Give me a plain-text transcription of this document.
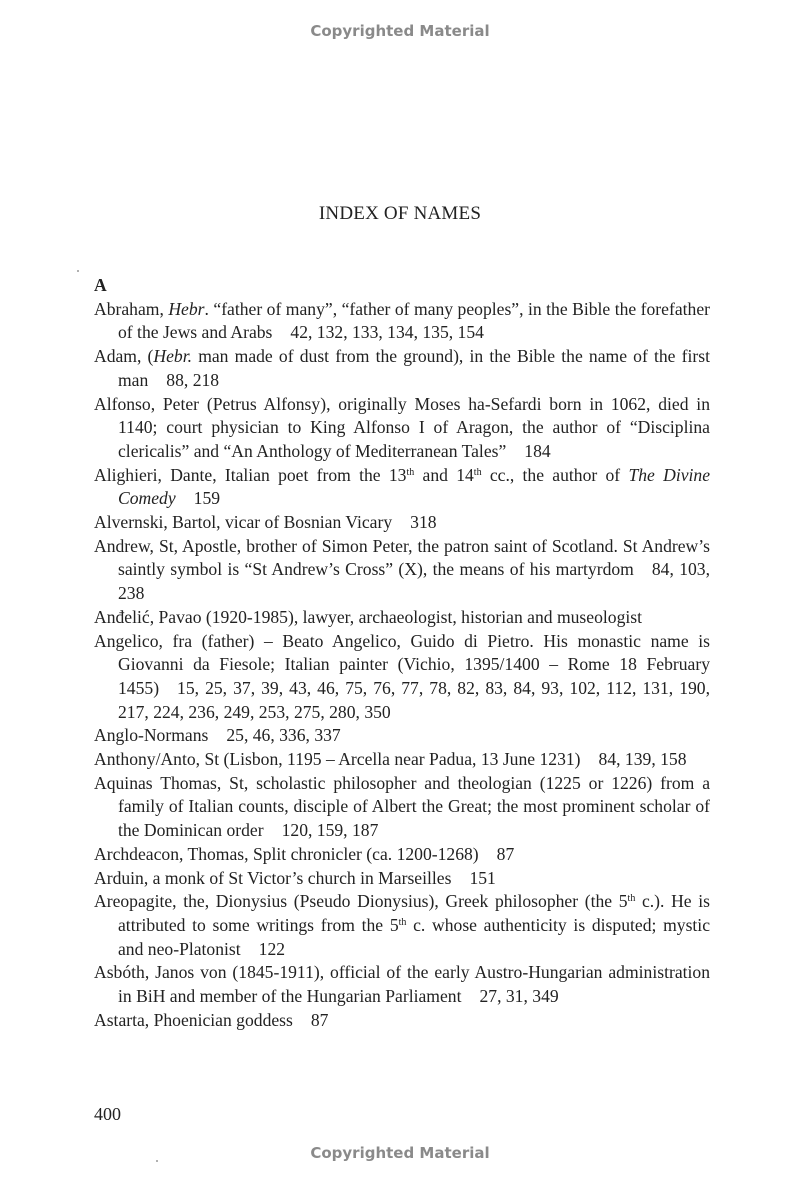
Copyrighted Material
INDEX OF NAMES
A
Abraham, Hebr. “father of many”, “father of many peoples”, in the Bible the forefather of the Jews and Arabs 42, 132, 133, 134, 135, 154
Adam, (Hebr. man made of dust from the ground), in the Bible the name of the first man 88, 218
Alfonso, Peter (Petrus Alfonsy), originally Moses ha-Sefardi born in 1062, died in 1140; court physician to King Alfonso I of Aragon, the author of “Disciplina clericalis” and “An Anthology of Mediterranean Tales” 184
Alighieri, Dante, Italian poet from the 13th and 14th cc., the author of The Divine Comedy 159
Alvernski, Bartol, vicar of Bosnian Vicary 318
Andrew, St, Apostle, brother of Simon Peter, the patron saint of Scotland. St Andrew’s saintly symbol is “St Andrew’s Cross” (X), the means of his martyrdom 84, 103, 238
Anđelić, Pavao (1920-1985), lawyer, archaeologist, historian and museologist
Angelico, fra (father) – Beato Angelico, Guido di Pietro. His monastic name is Giovanni da Fiesole; Italian painter (Vichio, 1395/1400 – Rome 18 February 1455) 15, 25, 37, 39, 43, 46, 75, 76, 77, 78, 82, 83, 84, 93, 102, 112, 131, 190, 217, 224, 236, 249, 253, 275, 280, 350
Anglo-Normans 25, 46, 336, 337
Anthony/Anto, St (Lisbon, 1195 – Arcella near Padua, 13 June 1231) 84, 139, 158
Aquinas Thomas, St, scholastic philosopher and theologian (1225 or 1226) from a family of Italian counts, disciple of Albert the Great; the most prominent scholar of the Dominican order 120, 159, 187
Archdeacon, Thomas, Split chronicler (ca. 1200-1268) 87
Arduin, a monk of St Victor’s church in Marseilles 151
Areopagite, the, Dionysius (Pseudo Dionysius), Greek philosopher (the 5th c.). He is attributed to some writings from the 5th c. whose authenticity is disputed; mystic and neo-Platonist 122
Asbóth, Janos von (1845-1911), official of the early Austro-Hungarian administration in BiH and member of the Hungarian Parliament 27, 31, 349
Astarta, Phoenician goddess 87
400
Copyrighted Material
